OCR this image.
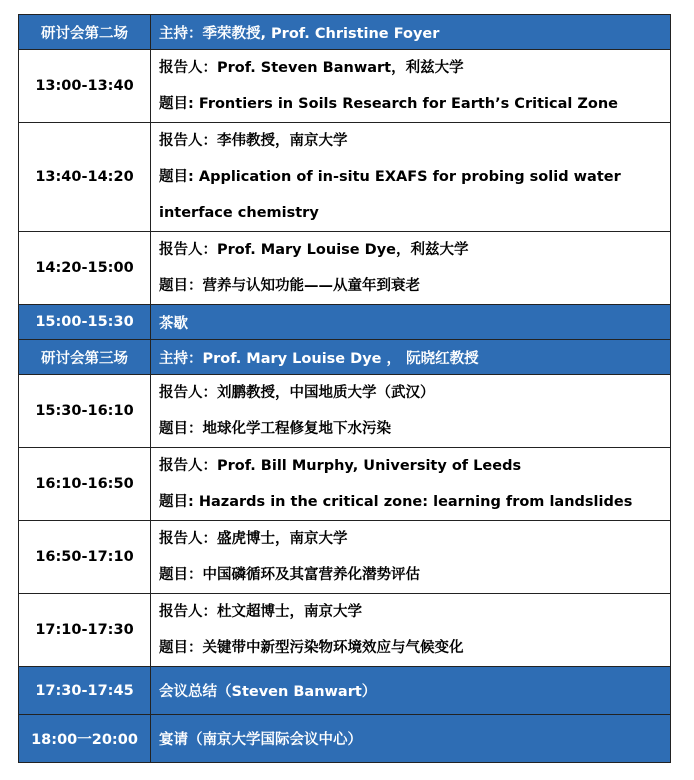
研讨会第二场	主持：季荣教授, Prof. Christine Foyer
13:00-13:40	报告人：Prof. Steven Banwart，利兹大学
题目: Frontiers in Soils Research for Earth’s Critical Zone

13:40-14:20	报告人：李伟教授，南京大学
题目: Application of in-situ EXAFS for probing solid water
interface chemistry

14:20-15:00	报告人：Prof. Mary Louise Dye，利兹大学
题目：营养与认知功能——从童年到衰老

15:00-15:30	茶歇
研讨会第三场	主持：Prof. Mary Louise Dye ， 阮晓红教授
15:30-16:10	报告人：刘鹏教授，中国地质大学（武汉）
题目：地球化学工程修复地下水污染

16:10-16:50	报告人：Prof. Bill Murphy, University of Leeds
题目: Hazards in the critical zone: learning from landslides

16:50-17:10	报告人：盛虎博士，南京大学
题目：中国磷循环及其富营养化潜势评估

17:10-17:30	报告人：杜文超博士，南京大学
题目：关键带中新型污染物环境效应与气候变化

17:30-17:45	会议总结（Steven Banwart）
18:00一20:00	宴请（南京大学国际会议中心）
